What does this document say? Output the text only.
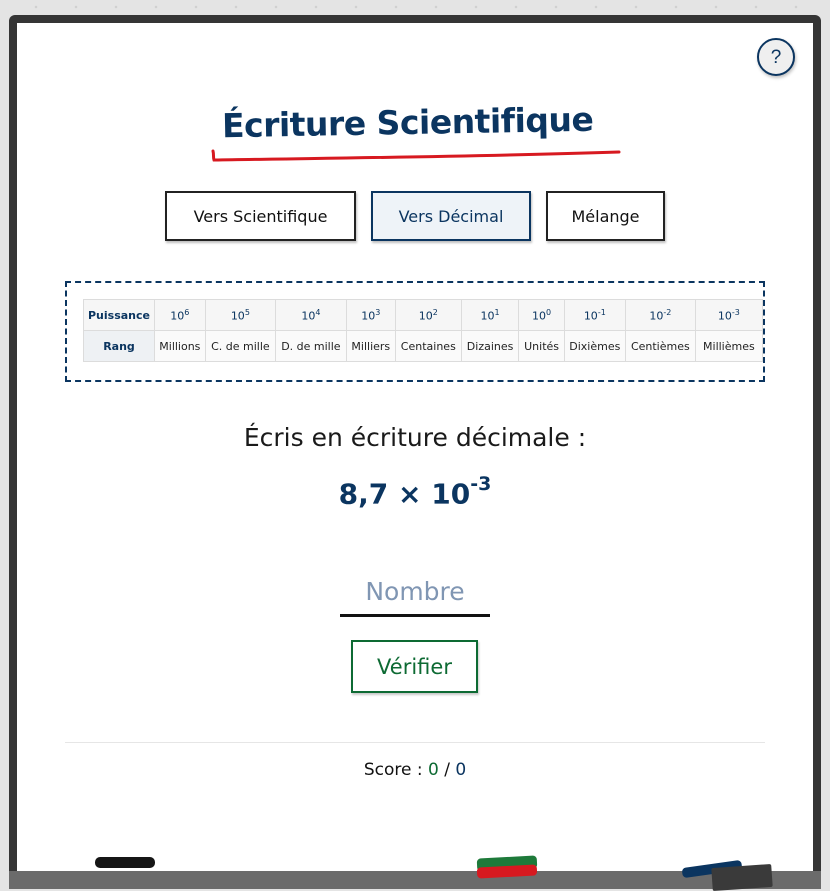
?
Écriture Scientifique
Vers Scientifique	Vers Décimal	Mélange
Puissance	$10^6$	$10^5$	$10^4$	$10^3$	$10^2$	$10^1$	$10^0$	$10^{-1}$	$10^{-2}$	$10^{-3}$
Rang	Millions	C. de mille	D. de mille	Milliers	Centaines	Dizaines	Unités	Dixièmes	Centièmes	Millièmes
Écris en écriture décimale :
$8,7 \times 10^{-3}$
Nombre
Vérifier
Score : 0 / 0
